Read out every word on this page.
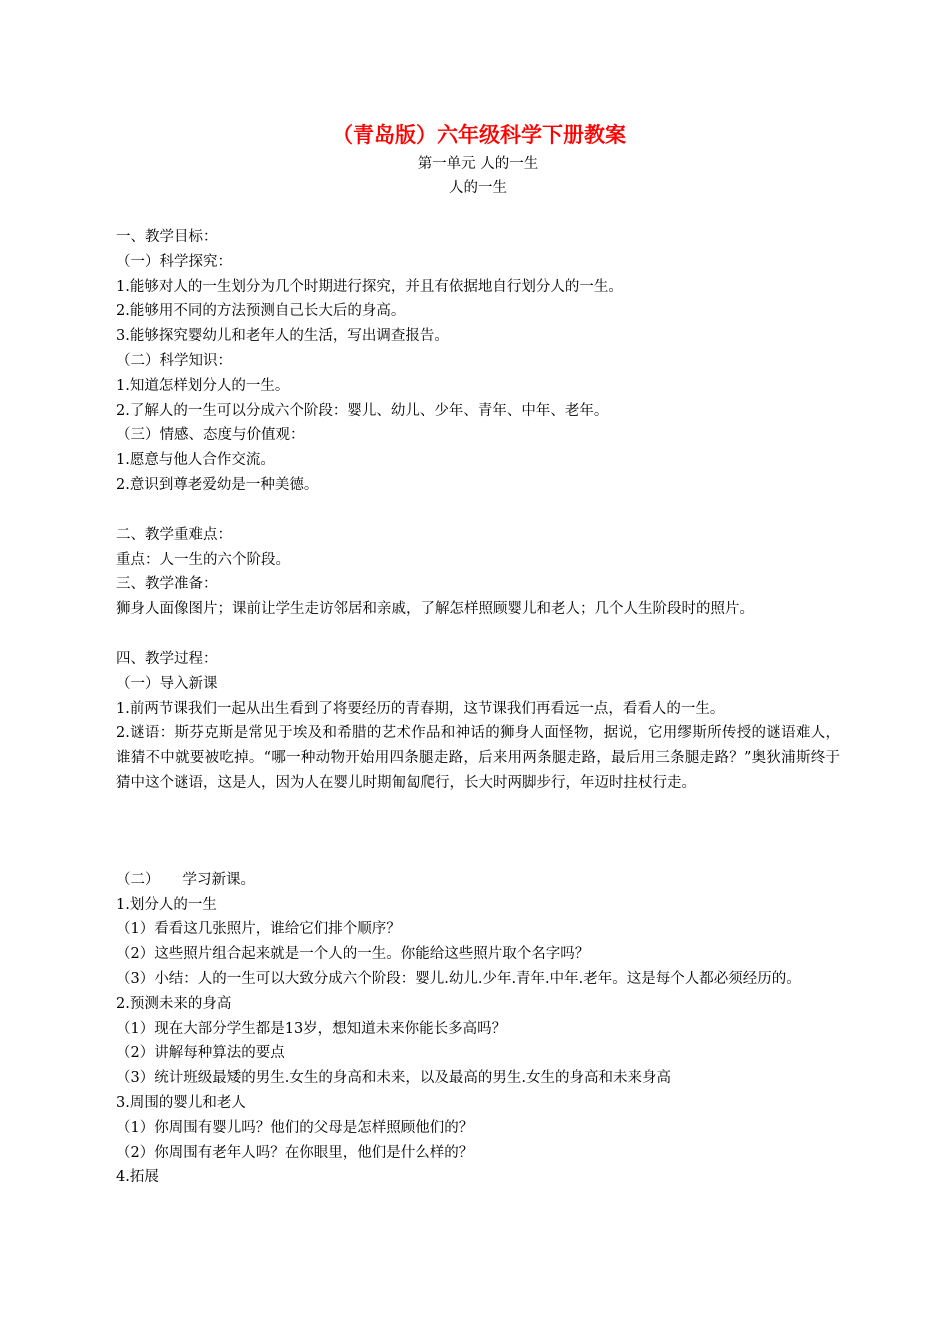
（青岛版）六年级科学下册教案

第一单元 人的一生

人的一生

一、教学目标：

（一）科学探究：

1.能够对人的一生划分为几个时期进行探究，并且有依据地自行划分人的一生。

2.能够用不同的方法预测自己长大后的身高。

3.能够探究婴幼儿和老年人的生活，写出调查报告。

（二）科学知识：

1.知道怎样划分人的一生。

2.了解人的一生可以分成六个阶段：婴儿、幼儿、少年、青年、中年、老年。

（三）情感、态度与价值观：

1.愿意与他人合作交流。

2.意识到尊老爱幼是一种美德。

二、教学重难点：

重点：人一生的六个阶段。

三、教学准备：

狮身人面像图片；课前让学生走访邻居和亲戚，了解怎样照顾婴儿和老人；几个人生阶段时的照片。

四、教学过程：

（一）导入新课

1.前两节课我们一起从出生看到了将要经历的青春期，这节课我们再看远一点，看看人的一生。

2.谜语：斯芬克斯是常见于埃及和希腊的艺术作品和神话的狮身人面怪物，据说，它用缪斯所传授的谜语难人，谁猜不中就要被吃掉。“哪一种动物开始用四条腿走路，后来用两条腿走路，最后用三条腿走路？”奥狄浦斯终于猜中这个谜语，这是人，因为人在婴儿时期匍匐爬行，长大时两脚步行，年迈时拄杖行走。

（二） 学习新课。

1.划分人的一生

（1）看看这几张照片，谁给它们排个顺序？

（2）这些照片组合起来就是一个人的一生。你能给这些照片取个名字吗？

（3）小结：人的一生可以大致分成六个阶段：婴儿.幼儿.少年.青年.中年.老年。这是每个人都必须经历的。

2.预测未来的身高

（1）现在大部分学生都是13岁，想知道未来你能长多高吗？

（2）讲解每种算法的要点

（3）统计班级最矮的男生.女生的身高和未来，以及最高的男生.女生的身高和未来身高

3.周围的婴儿和老人

（1）你周围有婴儿吗？他们的父母是怎样照顾他们的？

（2）你周围有老年人吗？在你眼里，他们是什么样的？

4.拓展
